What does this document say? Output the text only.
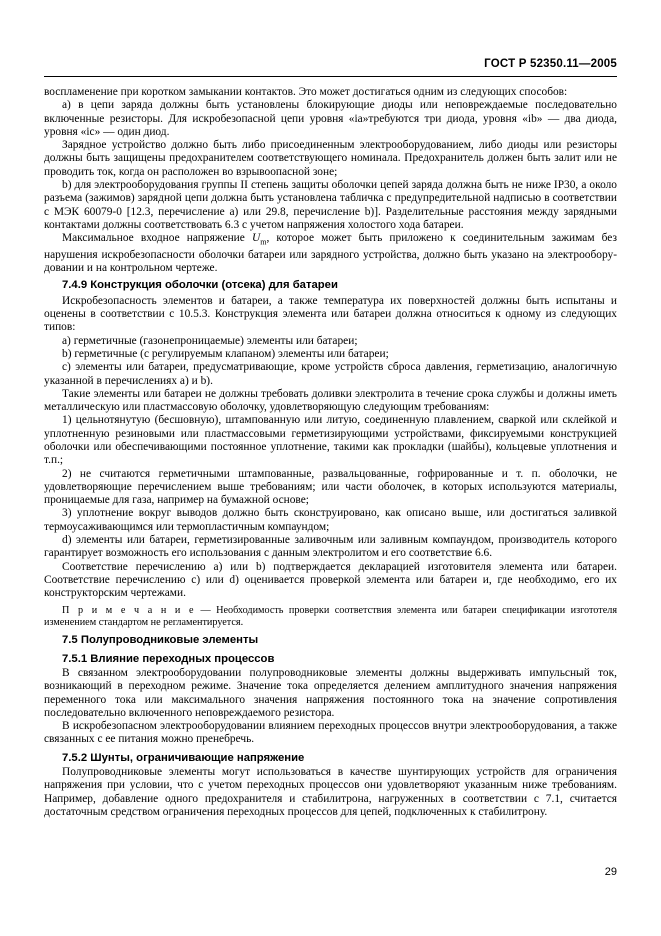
ГОСТ Р 52350.11—2005

воспламенение при коротком замыкании контактов. Это может достигаться одним из следующих способов:

а) в цепи заряда должны быть установлены блокирующие диоды или неповреждаемые последовательно включенные резисторы. Для искробезопасной цепи уровня «ia»требуются три диода, уровня «ib» — два диода, уровня «ic» — один диод.

Зарядное устройство должно быть либо присоединенным электрооборудованием, либо диоды или резисторы должны быть защищены предохранителем соответствующего номинала. Предохранитель должен быть залит или не проводить ток, когда он расположен во взрывоопасной зоне;

b) для электрооборудования группы II степень защиты оболочки цепей заряда должна быть не ниже IP30, а около разъема (зажимов) зарядной цепи должна быть установлена табличка с предупредительной надписью в соответствии с МЭК 60079-0 [12.3, перечисление а) или 29.8, перечисление b)]. Разделительные расстояния между зарядными контактами должны соответствовать 6.3 с учетом напряжения холостого хода батареи.

Максимальное входное напряжение $U_m$, которое может быть приложено к соединительным зажимам без нарушения искробезопасности оболочки батареи или зарядного устройства, должно быть указано на электрооборудовании и на контрольном чертеже.

7.4.9 Конструкция оболочки (отсека) для батареи

Искробезопасность элементов и батареи, а также температура их поверхностей должны быть испытаны и оценены в соответствии с 10.5.3. Конструкция элемента или батареи должна относиться к одному из следующих типов:

а) герметичные (газонепроницаемые) элементы или батареи;

b) герметичные (с регулируемым клапаном) элементы или батареи;

с) элементы или батареи, предусматривающие, кроме устройств сброса давления, герметизацию, аналогичную указанной в перечислениях а) и b).

Такие элементы или батареи не должны требовать доливки электролита в течение срока службы и должны иметь металлическую или пластмассовую оболочку, удовлетворяющую следующим требованиям:

1) цельнотянутую (бесшовную), штампованную или литую, соединенную плавлением, сваркой или склейкой и уплотненную резиновыми или пластмассовыми герметизирующими устройствами, фиксируемыми конструкцией оболочки или обеспечивающими постоянное уплотнение, такими как прокладки (шайбы), кольцевые уплотнения и т.п.;

2) не считаются герметичными штампованные, развальцованные, гофрированные и т. п. оболочки, не удовлетворяющие перечислением выше требованиям; или части оболочек, в которых используются материалы, проницаемые для газа, например на бумажной основе;

3) уплотнение вокруг выводов должно быть сконструировано, как описано выше, или достигаться заливкой термоусаживающимся или термопластичным компаундом;

d) элементы или батареи, герметизированные заливочным или заливным компаундом, производитель которого гарантирует возможность его использования с данным электролитом и его соответствие 6.6.

Соответствие перечислению а) или b) подтверждается декларацией изготовителя элемента или батареи. Соответствие перечислению с) или d) оценивается проверкой элемента или батареи и, где необходимо, его их конструкторским чертежами.

П р и м е ч а н и е — Необходимость проверки соответствия элемента или батареи спецификации изгототеля изменением стандартом не регламентируется.

7.5 Полупроводниковые элементы

7.5.1 Влияние переходных процессов

В связанном электрооборудовании полупроводниковые элементы должны выдерживать импульсный ток, возникающий в переходном режиме. Значение тока определяется делением амплитудного значения напряжения переменного тока или максимального значения напряжения постоянного тока на значение сопротивления последовательно включенного неповреждаемого резистора.

В искробезопасном электрооборудовании влиянием переходных процессов внутри электрооборудования, а также связанных с ее питания можно пренебречь.

7.5.2 Шунты, ограничивающие напряжение

Полупроводниковые элементы могут использоваться в качестве шунтирующих устройств для ограничения напряжения при условии, что с учетом переходных процессов они удовлетворяют указанным ниже требованиям. Например, добавление одного предохранителя и стабилитрона, нагруженных в соответствии с 7.1, считается достаточным средством ограничения переходных процессов для цепей, подключенных к стабилитрону.

29
